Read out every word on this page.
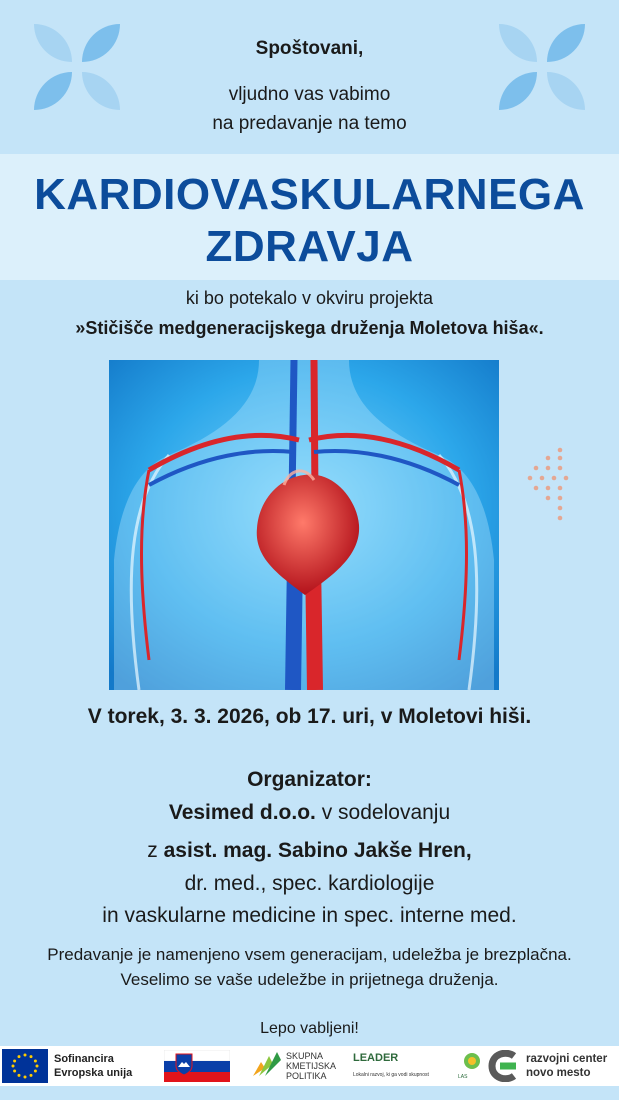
Spoštovani,
vljudno vas vabimo
na predavanje na temo
KARDIOVASKULARNEGA
ZDRAVJA
ki bo potekalo v okviru projekta
»Stičišče medgeneracijskega druženja Moletova hiša«.
V torek, 3. 3. 2026, ob 17. uri, v Moletovi hiši.
Organizator:
Vesimed d.o.o. v sodelovanju
z asist. mag. Sabino Jakše Hren,
dr. med., spec. kardiologije
in vaskularne medicine in spec. interne med.
Predavanje je namenjeno vsem generacijam, udeležba je brezplačna.
Veselimo se vaše udeležbe in prijetnega druženja.
Lepo vabljeni!
Sofinancira
Evropska unija
SKUPNA
KMETIJSKA
POLITIKA
LEADER
Lokalni razvoj, ki ga vodi skupnost	LAS
razvojni center
novo mesto
